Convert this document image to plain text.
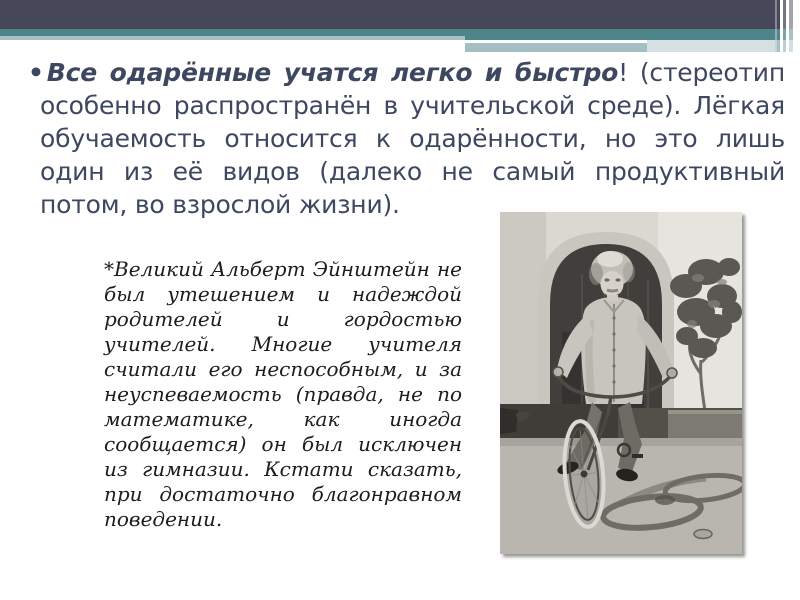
• Все одарённые учатся легко и быстро! (стереотип особенно распространён в учительской среде). Лёгкая обучаемость относится к одарённости, но это лишь один из её видов (далеко не самый продуктивный потом, во взрослой жизни).
*Великий Альберт Эйнштейн не был утешением и надеждой родителей и гордостью учителей. Многие учителя считали его неспособным, и за неуспеваемость (правда, не по математике, как иногда сообщается) он был исключен из гимназии. Кстати сказать, при достаточно благонравном поведении.
